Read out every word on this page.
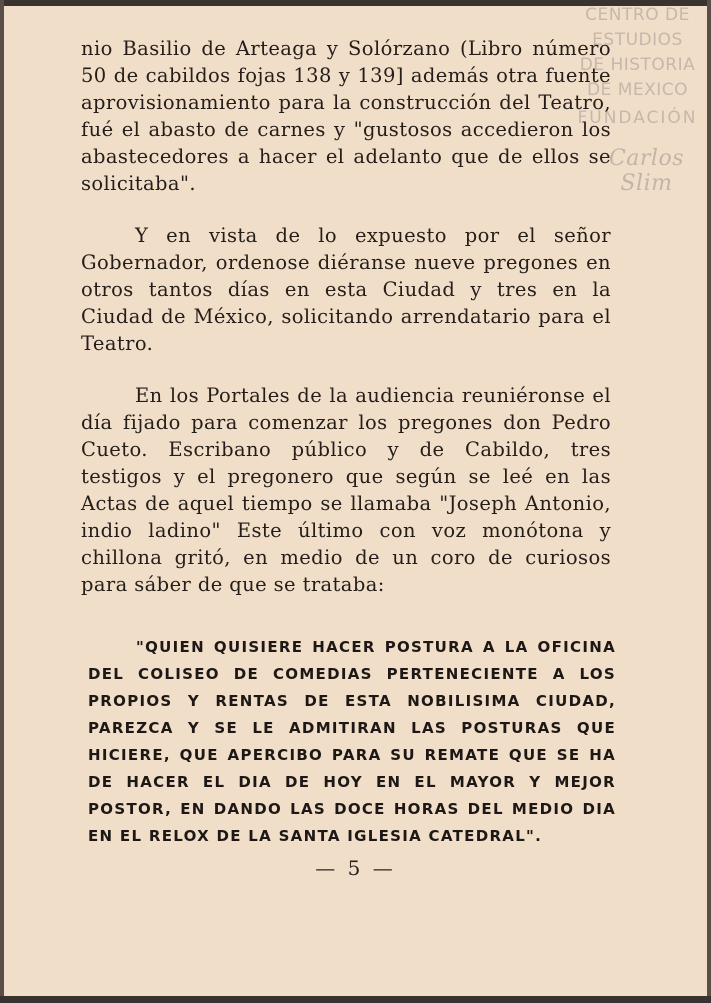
CENTRO DE
ESTUDIOS
DE HISTORIA
DE MEXICO
FUNDACIÓN
Carlos Slim

nio Basilio de Arteaga y Solórzano (Libro número 50 de cabildos fojas 138 y 139] además otra fuente aprovisionamiento para la construcción del Teatro, fué el abasto de carnes y "gustosos accedieron los abastecedores a hacer el adelanto que de ellos se solicitaba".

Y en vista de lo expuesto por el señor Gobernador, ordenose diéranse nueve pregones en otros tantos días en esta Ciudad y tres en la Ciudad de México, solicitando arrendatario para el Teatro.

En los Portales de la audiencia reuniéronse el día fijado para comenzar los pregones don Pedro Cueto. Escribano público y de Cabildo, tres testigos y el pregonero que según se leé en las Actas de aquel tiempo se llamaba "Joseph Antonio, indio ladino" Este último con voz monótona y chillona gritó, en medio de un coro de curiosos para sáber de que se trataba:

"QUIEN QUISIERE HACER POSTURA A LA OFICINA DEL COLISEO DE COMEDIAS PERTENECIENTE A LOS PROPIOS Y RENTAS DE ESTA NOBILISIMA CIUDAD, PAREZCA Y SE LE ADMITIRAN LAS POSTURAS QUE HICIERE, QUE APERCIBO PARA SU REMATE QUE SE HA DE HACER EL DIA DE HOY EN EL MAYOR Y MEJOR POSTOR, EN DANDO LAS DOCE HORAS DEL MEDIO DIA EN EL RELOX DE LA SANTA IGLESIA CATEDRAL".

— 5 —
